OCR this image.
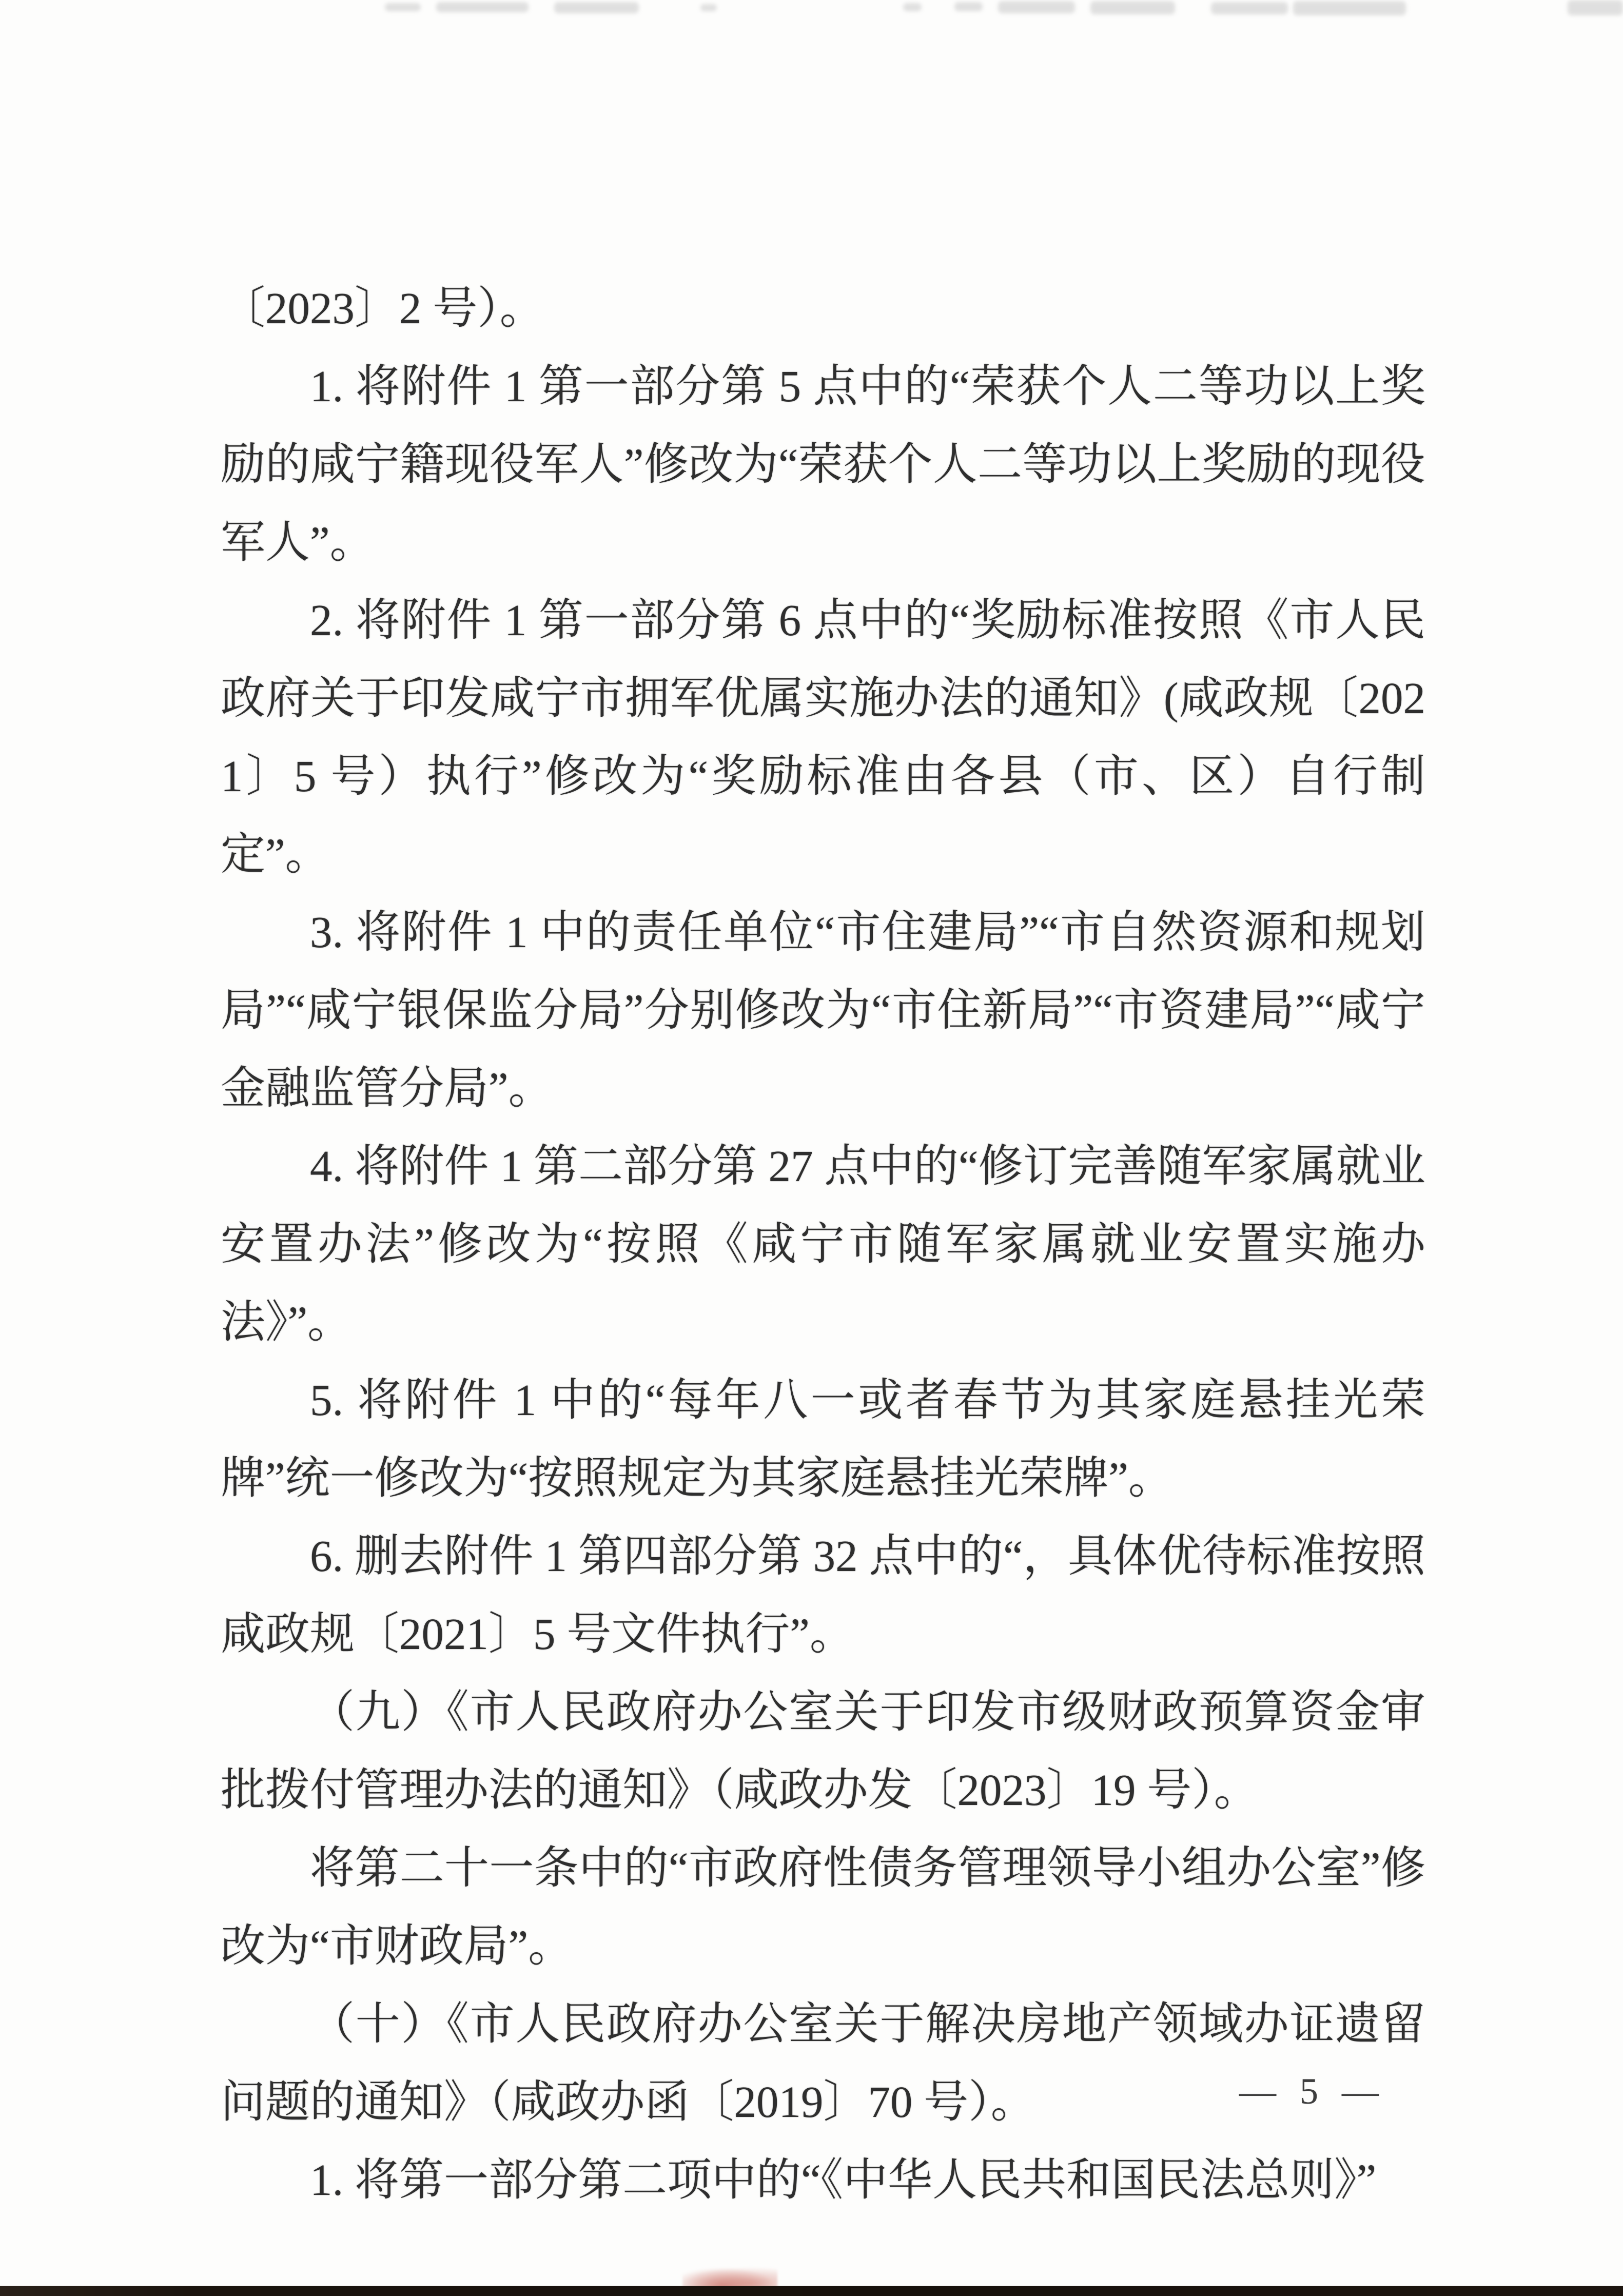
〔2023〕2 号）。

1. 将附件 1 第一部分第 5 点中的“荣获个人二等功以上奖励的咸宁籍现役军人”修改为“荣获个人二等功以上奖励的现役军人”。

2. 将附件 1 第一部分第 6 点中的“奖励标准按照《市人民政府关于印发咸宁市拥军优属实施办法的通知》(咸政规〔2021〕5 号）执行”修改为“奖励标准由各县（市、区）自行制定”。

3. 将附件 1 中的责任单位“市住建局”“市自然资源和规划局”“咸宁银保监分局”分别修改为“市住新局”“市资建局”“咸宁金融监管分局”。

4. 将附件 1 第二部分第 27 点中的“修订完善随军家属就业安置办法”修改为“按照《咸宁市随军家属就业安置实施办法》”。

5. 将附件 1 中的“每年八一或者春节为其家庭悬挂光荣牌”统一修改为“按照规定为其家庭悬挂光荣牌”。

6. 删去附件 1 第四部分第 32 点中的“，具体优待标准按照咸政规〔2021〕5 号文件执行”。

（九）《市人民政府办公室关于印发市级财政预算资金审批拨付管理办法的通知》（咸政办发〔2023〕19 号）。

将第二十一条中的“市政府性债务管理领导小组办公室”修改为“市财政局”。

（十）《市人民政府办公室关于解决房地产领域办证遗留问题的通知》（咸政办函〔2019〕70 号）。

1. 将第一部分第二项中的“《中华人民共和国民法总则》”

— 5 —
